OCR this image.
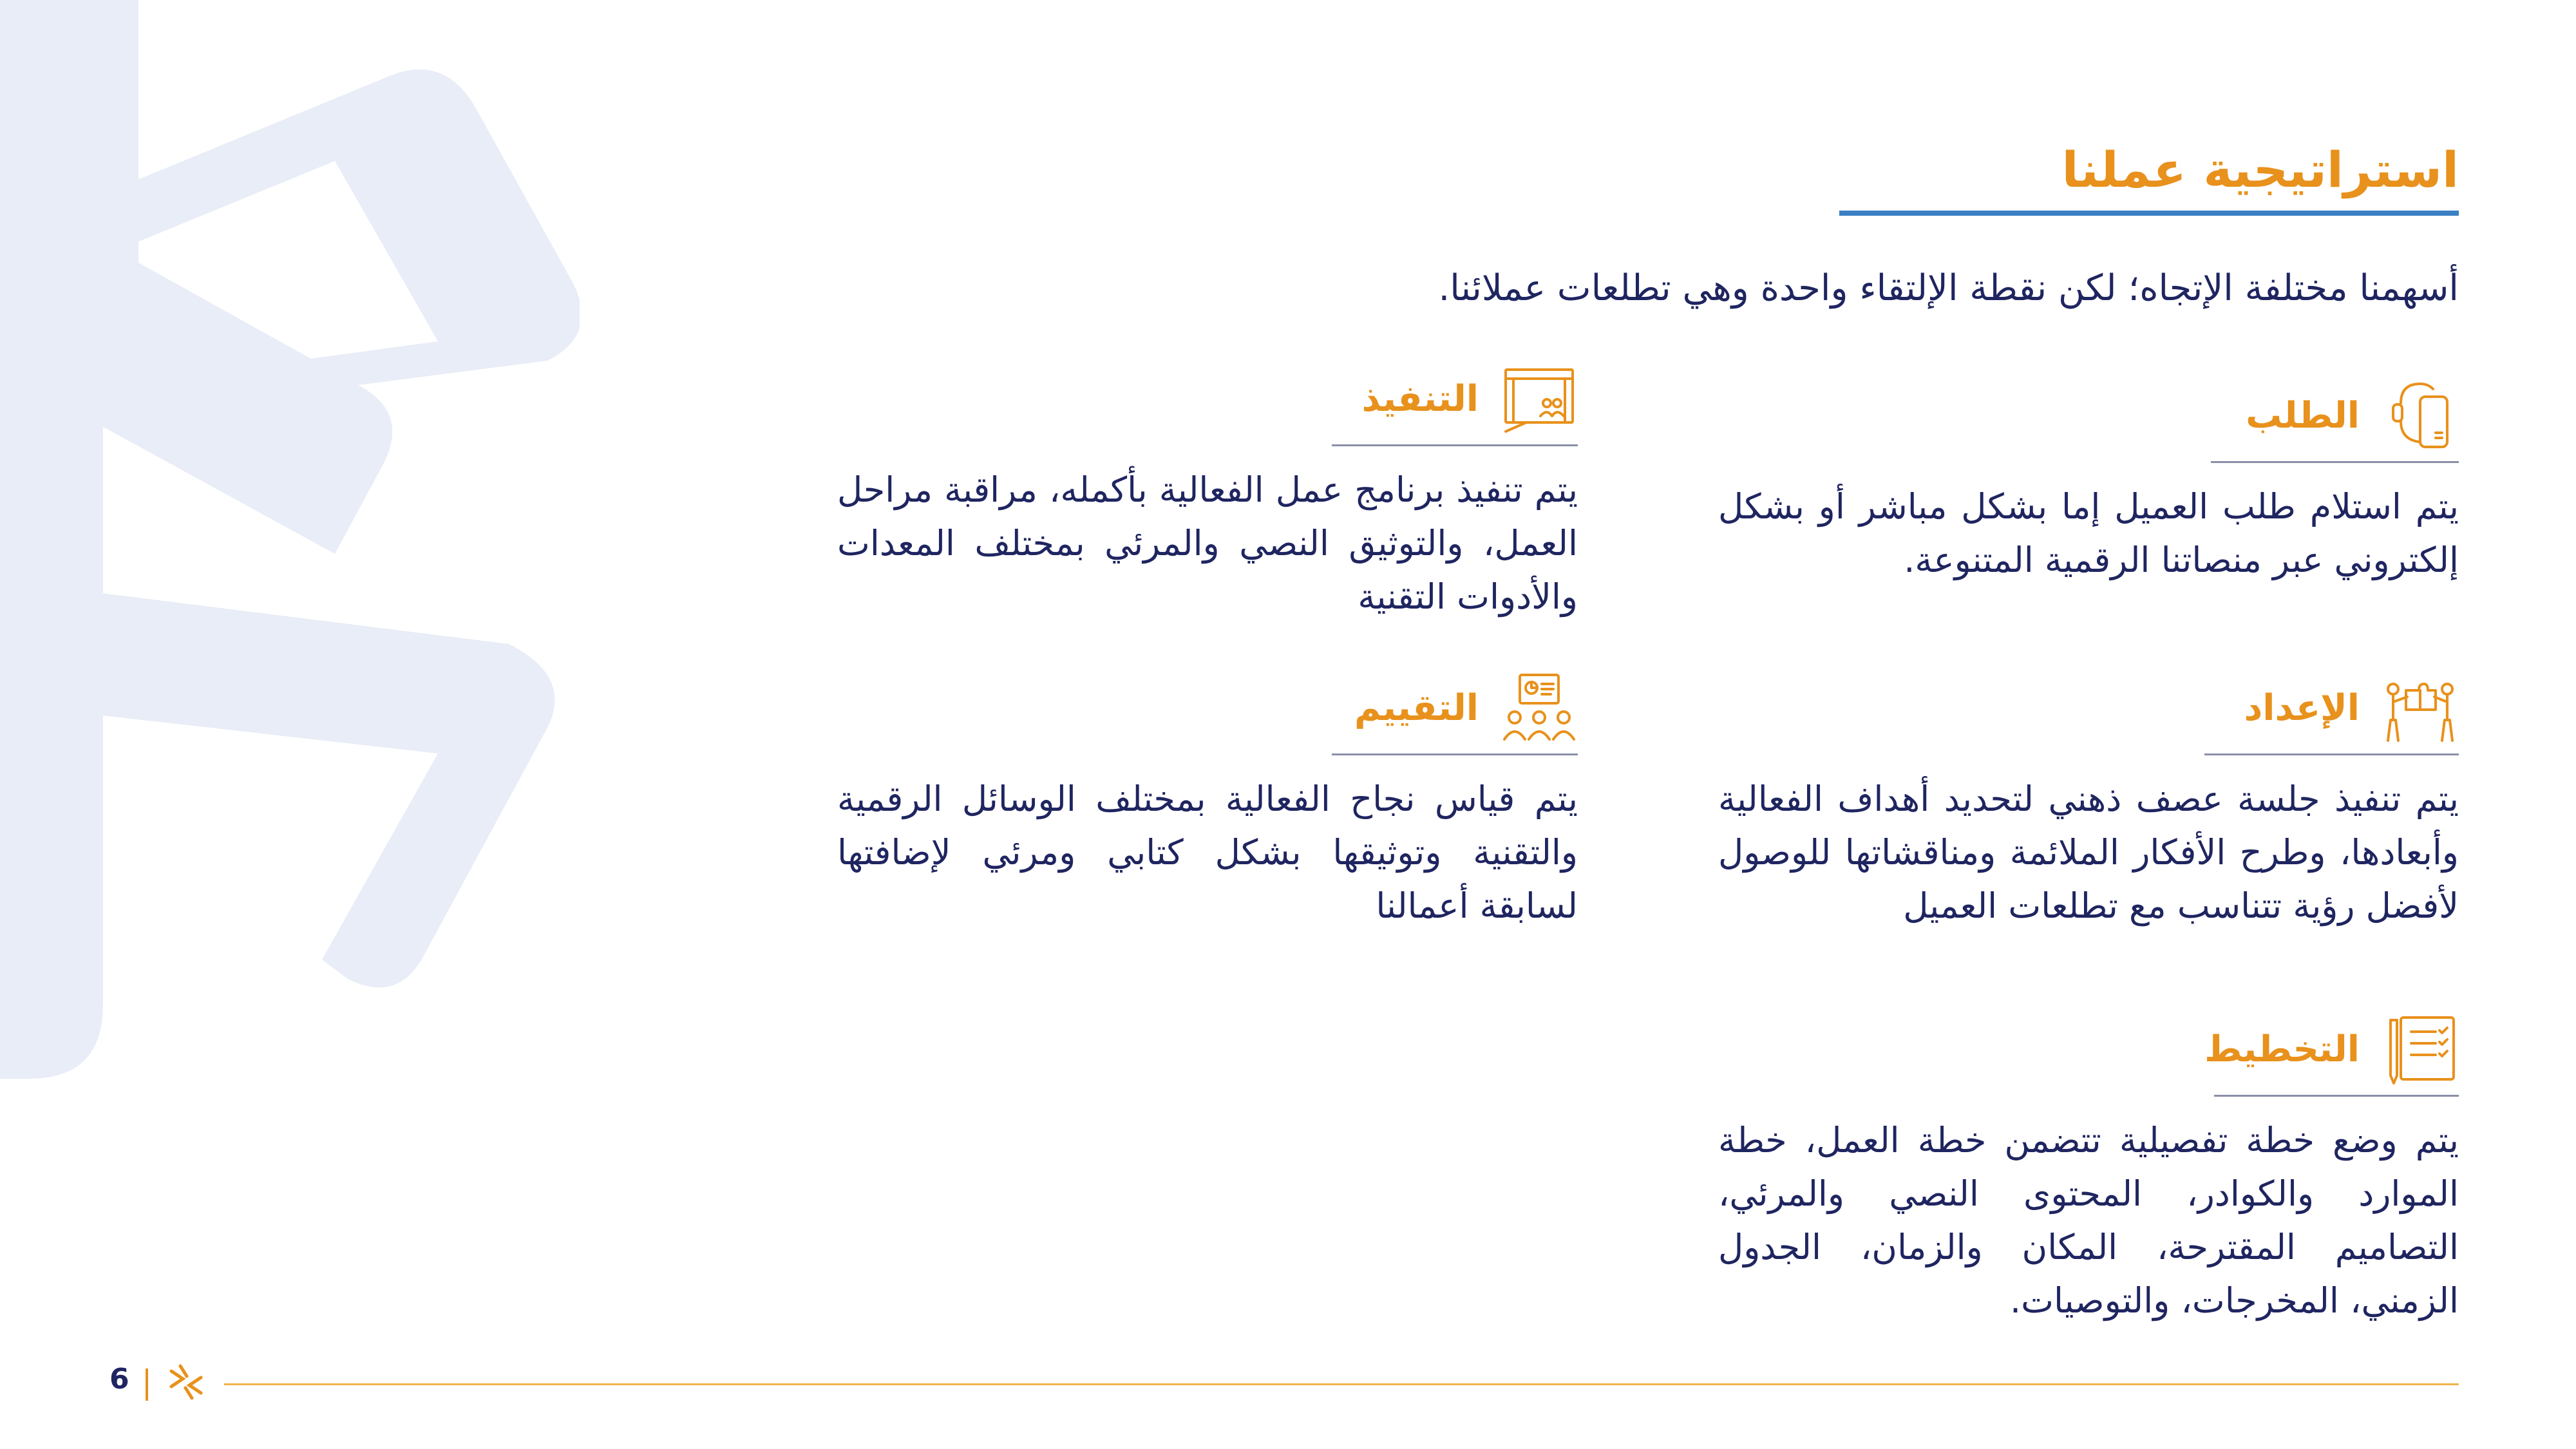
استراتيجية عملنا

أسهمنا مختلفة الإتجاه؛ لكن نقطة الإلتقاء واحدة وهي تطلعات عملائنا.

الطلب

يتم استلام طلب العميل إما بشكل مباشر أو بشكل إلكتروني عبر منصاتنا الرقمية المتنوعة.

الإعداد

يتم تنفيذ جلسة عصف ذهني لتحديد أهداف الفعالية وأبعادها، وطرح الأفكار الملائمة ومناقشاتها للوصول لأفضل رؤية تتناسب مع تطلعات العميل

التخطيط

يتم وضع خطة تفصيلية تتضمن خطة العمل، خطة الموارد والكوادر، المحتوى النصي والمرئي، التصاميم المقترحة، المكان والزمان، الجدول الزمني، المخرجات، والتوصيات.

التنفيذ

يتم تنفيذ برنامج عمل الفعالية بأكمله، مراقبة مراحل العمل، والتوثيق النصي والمرئي بمختلف المعدات والأدوات التقنية

التقييم

يتم قياس نجاح الفعالية بمختلف الوسائل الرقمية والتقنية وتوثيقها بشكل كتابي ومرئي لإضافتها لسابقة أعمالنا

6
